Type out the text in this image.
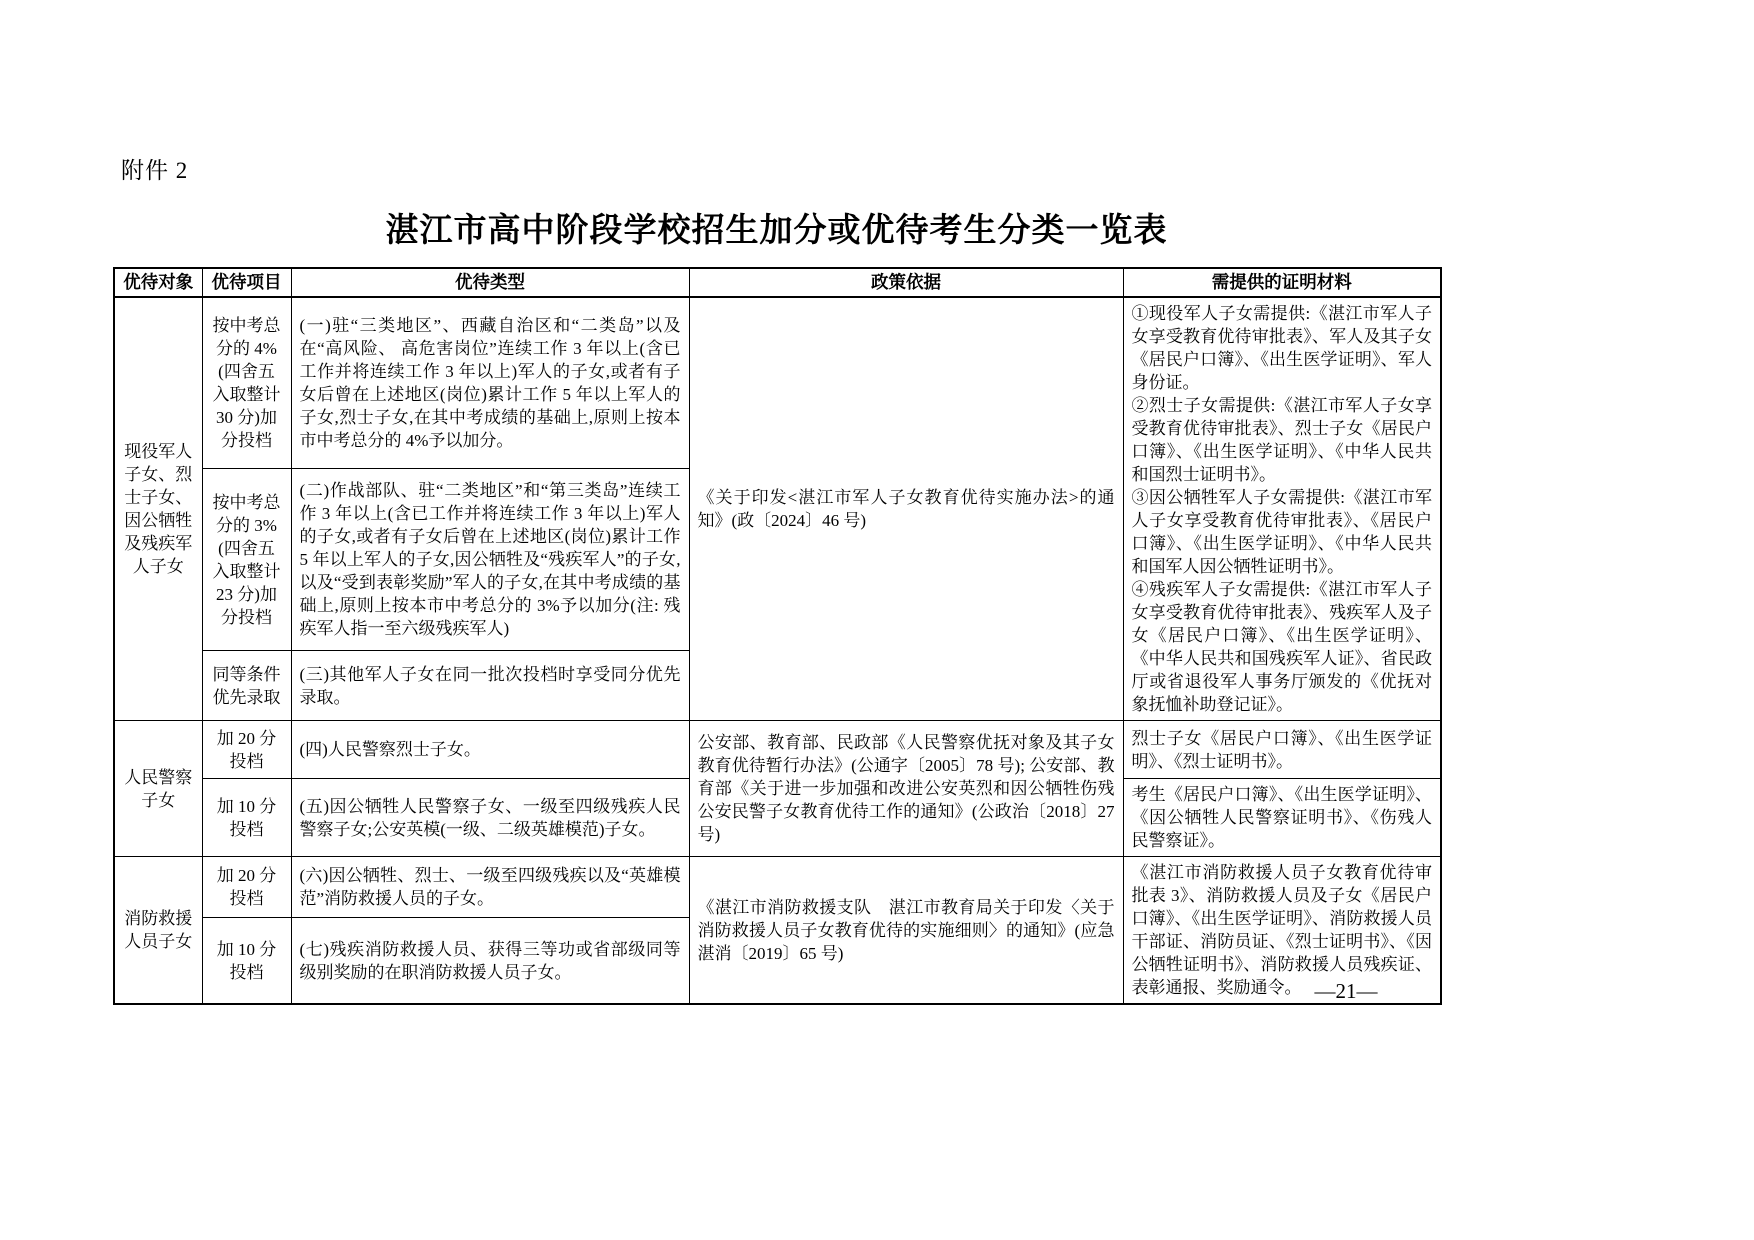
附件 2
湛江市高中阶段学校招生加分或优待考生分类一览表
优待对象	优待项目	优待类型	政策依据	需提供的证明材料
现役军人子女、烈士子女、因公牺牲及残疾军人子女	按中考总分的 4%(四舍五入取整计 30 分)加分投档	(一)驻“三类地区”、西藏自治区和“二类岛”以及在“高风险、 高危害岗位”连续工作 3 年以上(含已工作并将连续工作 3 年以上)军人的子女,或者有子女后曾在上述地区(岗位)累计工作 5 年以上军人的子女,烈士子女,在其中考成绩的基础上,原则上按本市中考总分的 4%予以加分。	《关于印发<湛江市军人子女教育优待实施办法>的通知》(政〔2024〕46 号)	①现役军人子女需提供:《湛江市军人子女享受教育优待审批表》、军人及其子女《居民户口簿》、《出生医学证明》、军人身份证。
②烈士子女需提供:《湛江市军人子女享受教育优待审批表》、烈士子女《居民户口簿》、《出生医学证明》、《中华人民共和国烈士证明书》。
③因公牺牲军人子女需提供:《湛江市军人子女享受教育优待审批表》、《居民户口簿》、《出生医学证明》、《中华人民共和国军人因公牺牲证明书》。
④残疾军人子女需提供:《湛江市军人子女享受教育优待审批表》、残疾军人及子女《居民户口簿》、《出生医学证明》、《中华人民共和国残疾军人证》、省民政厅或省退役军人事务厅颁发的《优抚对象抚恤补助登记证》。

	按中考总分的 3%(四舍五入取整计 23 分)加分投档	(二)作战部队、驻“二类地区”和“第三类岛”连续工作 3 年以上(含已工作并将连续工作 3 年以上)军人的子女,或者有子女后曾在上述地区(岗位)累计工作 5 年以上军人的子女,因公牺牲及“残疾军人”的子女,以及“受到表彰奖励”军人的子女,在其中考成绩的基础上,原则上按本市中考总分的 3%予以加分(注: 残疾军人指一至六级残疾军人)		
	同等条件优先录取	(三)其他军人子女在同一批次投档时享受同分优先录取。		
人民警察子女	加 20 分投档	(四)人民警察烈士子女。	公安部、教育部、民政部《人民警察优抚对象及其子女教育优待暂行办法》(公通字〔2005〕78 号); 公安部、教育部《关于进一步加强和改进公安英烈和因公牺牲伤残公安民警子女教育优待工作的通知》(公政治〔2018〕27 号)	烈士子女《居民户口簿》、《出生医学证明》、《烈士证明书》。
	加 10 分投档	(五)因公牺牲人民警察子女、一级至四级残疾人民警察子女;公安英模(一级、二级英雄模范)子女。		考生《居民户口簿》、《出生医学证明》、《因公牺牲人民警察证明书》、《伤残人民警察证》。
消防救援人员子女	加 20 分投档	(六)因公牺牲、烈士、一级至四级残疾以及“英雄模范”消防救援人员的子女。	《湛江市消防救援支队　湛江市教育局关于印发〈关于消防救援人员子女教育优待的实施细则〉的通知》(应急湛消〔2019〕65 号)	《湛江市消防救援人员子女教育优待审批表 3》、消防救援人员及子女《居民户口簿》、《出生医学证明》、消防救援人员干部证、消防员证、《烈士证明书》、《因公牺牲证明书》、消防救援人员残疾证、表彰通报、奖励通令。
	加 10 分投档	(七)残疾消防救援人员、获得三等功或省部级同等级别奖励的在职消防救援人员子女。		
—21—
